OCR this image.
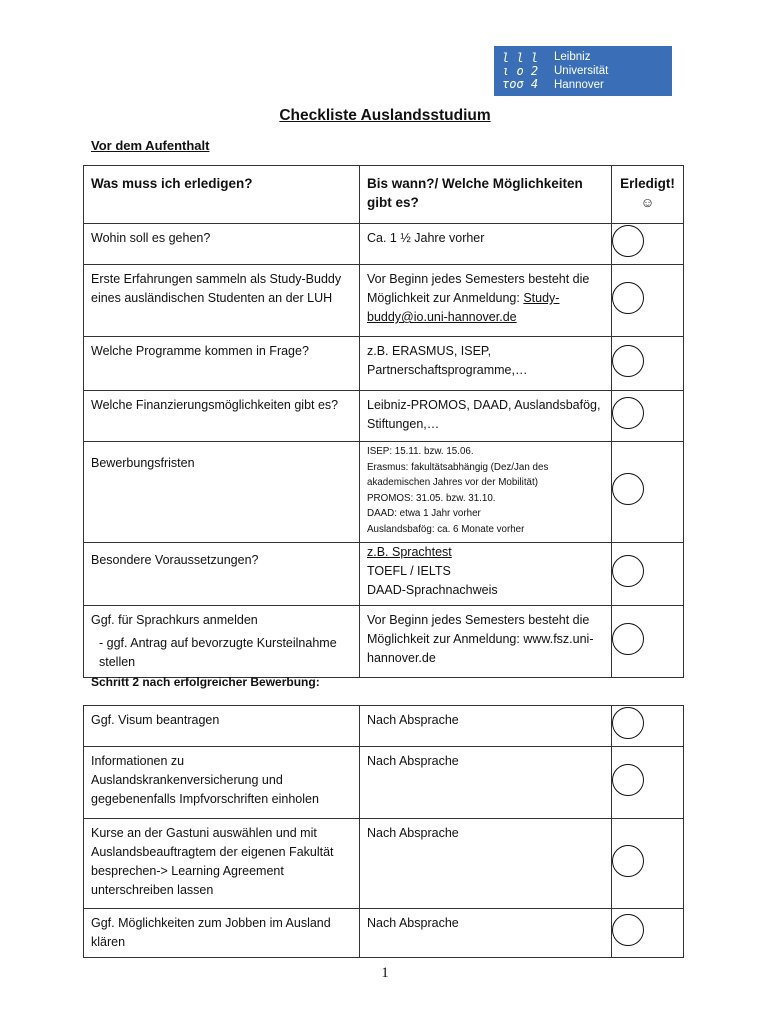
l l l
ι ο 2
τοσ 4
Leibniz
Universität
Hannover
Checkliste Auslandsstudium
Vor dem Aufenthalt
Was muss ich erledigen?	Bis wann?/ Welche Möglichkeiten gibt es?	Erledigt!
☺

Wohin soll es gehen?	Ca. 1 ½ Jahre vorher	
Erste Erfahrungen sammeln als Study-Buddy eines ausländischen Studenten an der LUH	Vor Beginn jedes Semesters besteht die Möglichkeit zur Anmeldung: Study-buddy@io.uni-hannover.de	
Welche Programme kommen in Frage?	z.B. ERASMUS, ISEP, Partnerschaftsprogramme,…	
Welche Finanzierungsmöglichkeiten gibt es?	Leibniz-PROMOS, DAAD, Auslandsbafög, Stiftungen,…	
Bewerbungsfristen	ISEP: 15.11. bzw. 15.06.
Erasmus: fakultätsabhängig (Dez/Jan des akademischen Jahres vor der Mobilität)
PROMOS: 31.05. bzw. 31.10.
DAAD: etwa 1 Jahr vorher
Auslandsbafög: ca. 6 Monate vorher	

Besondere Voraussetzungen?	z.B. Sprachtest
TOEFL / IELTS
DAAD-Sprachnachweis	

Ggf. für Sprachkurs anmelden
- ggf. Antrag auf bevorzugte Kursteilnahme stellen	Vor Beginn jedes Semesters besteht die Möglichkeit zur Anmeldung: www.fsz.uni-hannover.de	
Schritt 2 nach erfolgreicher Bewerbung:
Ggf. Visum beantragen	Nach Absprache	
Informationen zu Auslandskrankenversicherung und gegebenenfalls Impfvorschriften einholen	Nach Absprache	
Kurse an der Gastuni auswählen und mit Auslandsbeauftragtem der eigenen Fakultät besprechen-> Learning Agreement unterschreiben lassen	Nach Absprache	
Ggf. Möglichkeiten zum Jobben im Ausland klären	Nach Absprache	
1
